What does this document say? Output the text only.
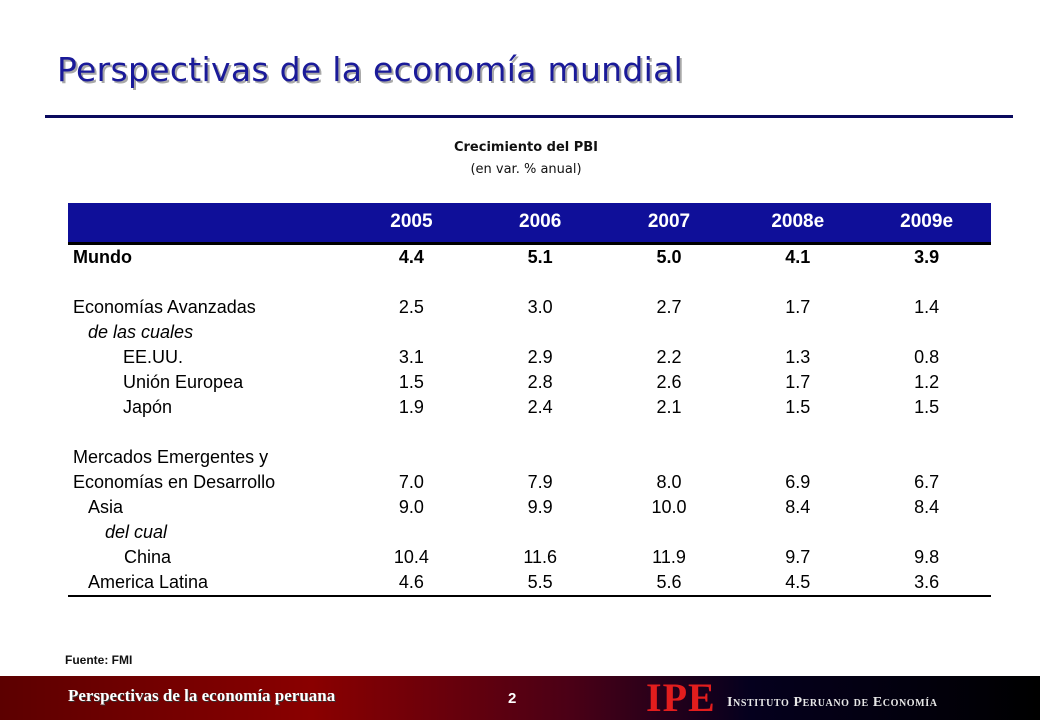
Perspectivas de la economía mundial
Crecimiento del PBI
(en var. % anual)
	2005	2006	2007	2008e	2009e
Mundo	4.4	5.1	5.0	4.1	3.9

Economías Avanzadas	2.5	3.0	2.7	1.7	1.4
de las cuales					
EE.UU.	3.1	2.9	2.2	1.3	0.8
Unión Europea	1.5	2.8	2.6	1.7	1.2
Japón	1.9	2.4	2.1	1.5	1.5

Mercados Emergentes y					
Economías en Desarrollo	7.0	7.9	8.0	6.9	6.7
Asia	9.0	9.9	10.0	8.4	8.4
del cual					
China	10.4	11.6	11.9	9.7	9.8
America Latina	4.6	5.5	5.6	4.5	3.6
Fuente: FMI
Perspectivas de la economía peruana	2	IPE Instituto Peruano de Economía
